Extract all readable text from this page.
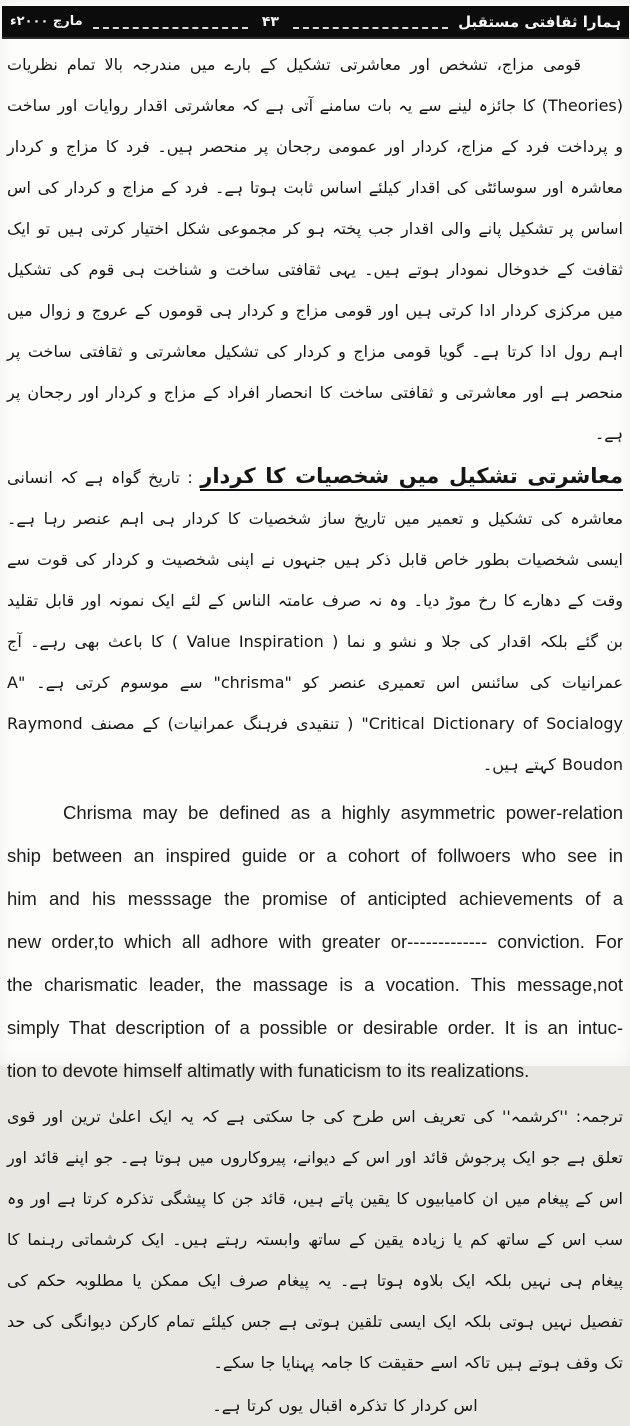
ہمارا ثقافتی مستقبل
۴۳
مارچ ۲۰۰۰ء

قومی مزاج، تشخص اور معاشرتی تشکیل کے بارے میں مندرجہ بالا تمام نظریات (Theories) کا جائزہ لینے سے یہ بات سامنے آتی ہے کہ معاشرتی اقدار روایات اور ساخت و پرداخت فرد کے مزاج، کردار اور عمومی رجحان پر منحصر ہیں۔ فرد کا مزاج و کردار معاشرہ اور سوسائٹی کی اقدار کیلئے اساس ثابت ہوتا ہے۔ فرد کے مزاج و کردار کی اس اساس پر تشکیل پانے والی اقدار جب پختہ ہو کر مجموعی شکل اختیار کرتی ہیں تو ایک ثقافت کے خدوخال نمودار ہوتے ہیں۔ یہی ثقافتی ساخت و شناخت ہی قوم کی تشکیل میں مرکزی کردار ادا کرتی ہیں اور قومی مزاج و کردار ہی قوموں کے عروج و زوال میں اہم رول ادا کرتا ہے۔ گویا قومی مزاج و کردار کی تشکیل معاشرتی و ثقافتی ساخت پر منحصر ہے اور معاشرتی و ثقافتی ساخت کا انحصار افراد کے مزاج و کردار اور رجحان پر ہے۔

معاشرتی تشکیل میں شخصیات کا کردار : تاریخ گواہ ہے کہ انسانی معاشرہ کی تشکیل و تعمیر میں تاریخ ساز شخصیات کا کردار ہی اہم عنصر رہا ہے۔ ایسی شخصیات بطور خاص قابل ذکر ہیں جنہوں نے اپنی شخصیت و کردار کی قوت سے وقت کے دھارے کا رخ موڑ دیا۔ وہ نہ صرف عامتہ الناس کے لئے ایک نمونہ اور قابل تقلید بن گئے بلکہ اقدار کی جلا و نشو و نما ( Value Inspiration ) کا باعث بھی رہے۔ آج عمرانیات کی سائنس اس تعمیری عنصر کو "chrisma" سے موسوم کرتی ہے۔ "A Critical Dictionary of Socialogy" ( تنقیدی فرہنگ عمرانیات) کے مصنف Raymond Boudon کہتے ہیں۔

Chrisma may be defined as a highly asymmetric power-relation
ship between an inspired guide or a cohort of follwoers who see in
him and his messsage the promise of anticipted achievements of a
new order,to which all adhore with greater or------------- conviction. For
the charismatic leader, the massage is a vocation. This message,not
simply That description of a possible or desirable order. It is an intuc-
tion to devote himself altimatly with funaticism to its realizations.

ترجمہ: ''کرشمہ'' کی تعریف اس طرح کی جا سکتی ہے کہ یہ ایک اعلیٰ ترین اور قوی تعلق ہے جو ایک پرجوش قائد اور اس کے دیوانے، پیروکاروں میں ہوتا ہے۔ جو اپنے قائد اور اس کے پیغام میں ان کامیابیوں کا یقین پاتے ہیں، قائد جن کا پیشگی تذکرہ کرتا ہے اور وہ سب اس کے ساتھ کم یا زیادہ یقین کے ساتھ وابستہ رہتے ہیں۔ ایک کرشماتی رہنما کا پیغام ہی نہیں بلکہ ایک بلاوہ ہوتا ہے۔ یہ پیغام صرف ایک ممکن یا مطلوبہ حکم کی تفصیل نہیں ہوتی بلکہ ایک ایسی تلقین ہوتی ہے جس کیلئے تمام کارکن دیوانگی کی حد تک وقف ہوتے ہیں تاکہ اسے حقیقت کا جامہ پہنایا جا سکے۔

اس کردار کا تذکرہ اقبال یوں کرتا ہے۔
